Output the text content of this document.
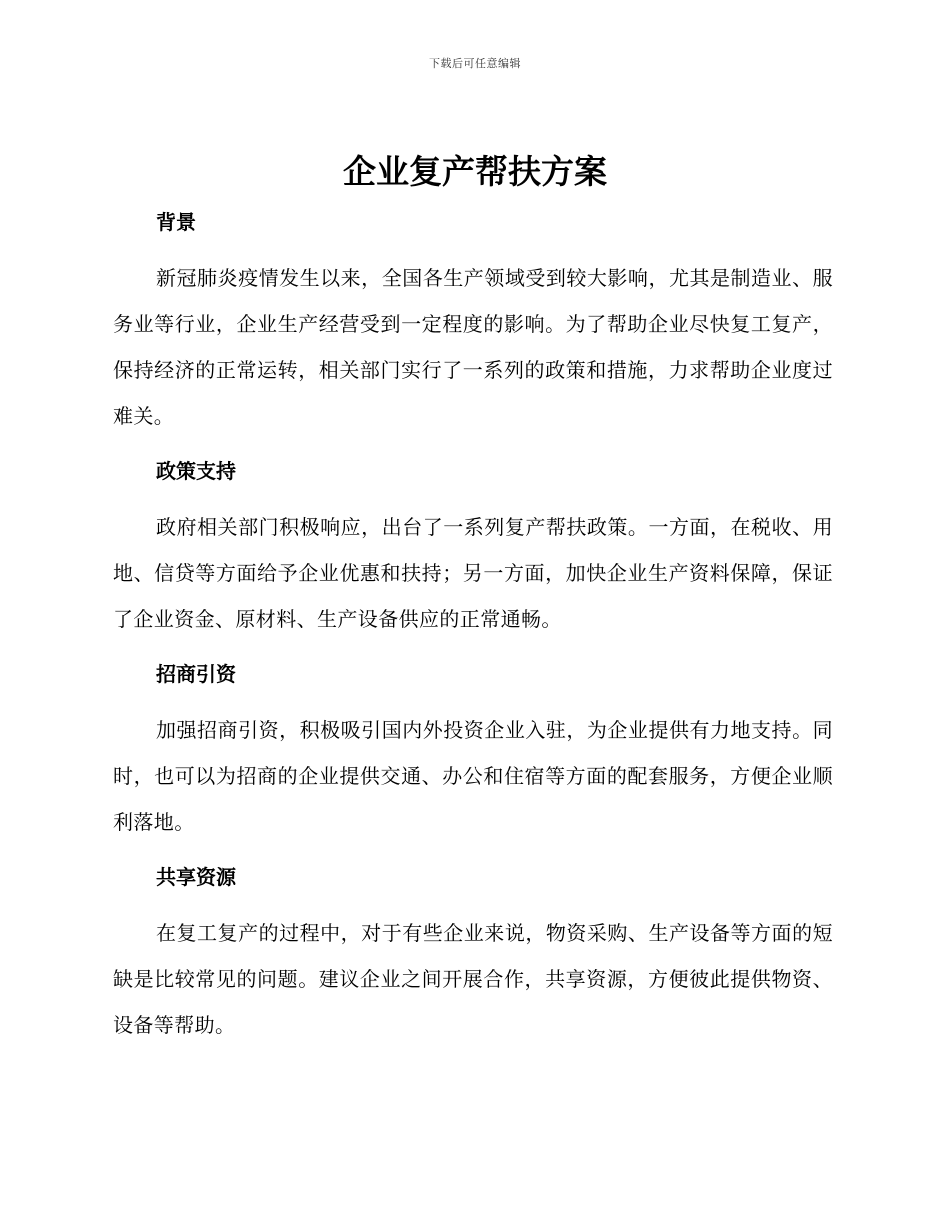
下载后可任意编辑
企业复产帮扶方案
背景

新冠肺炎疫情发生以来，全国各生产领域受到较大影响，尤其是制造业、服务业等行业，企业生产经营受到一定程度的影响。为了帮助企业尽快复工复产，保持经济的正常运转，相关部门实行了一系列的政策和措施，力求帮助企业度过难关。

政策支持

政府相关部门积极响应，出台了一系列复产帮扶政策。一方面，在税收、用地、信贷等方面给予企业优惠和扶持；另一方面，加快企业生产资料保障，保证了企业资金、原材料、生产设备供应的正常通畅。

招商引资

加强招商引资，积极吸引国内外投资企业入驻，为企业提供有力地支持。同时，也可以为招商的企业提供交通、办公和住宿等方面的配套服务，方便企业顺利落地。

共享资源

在复工复产的过程中，对于有些企业来说，物资采购、生产设备等方面的短缺是比较常见的问题。建议企业之间开展合作，共享资源，方便彼此提供物资、设备等帮助。
